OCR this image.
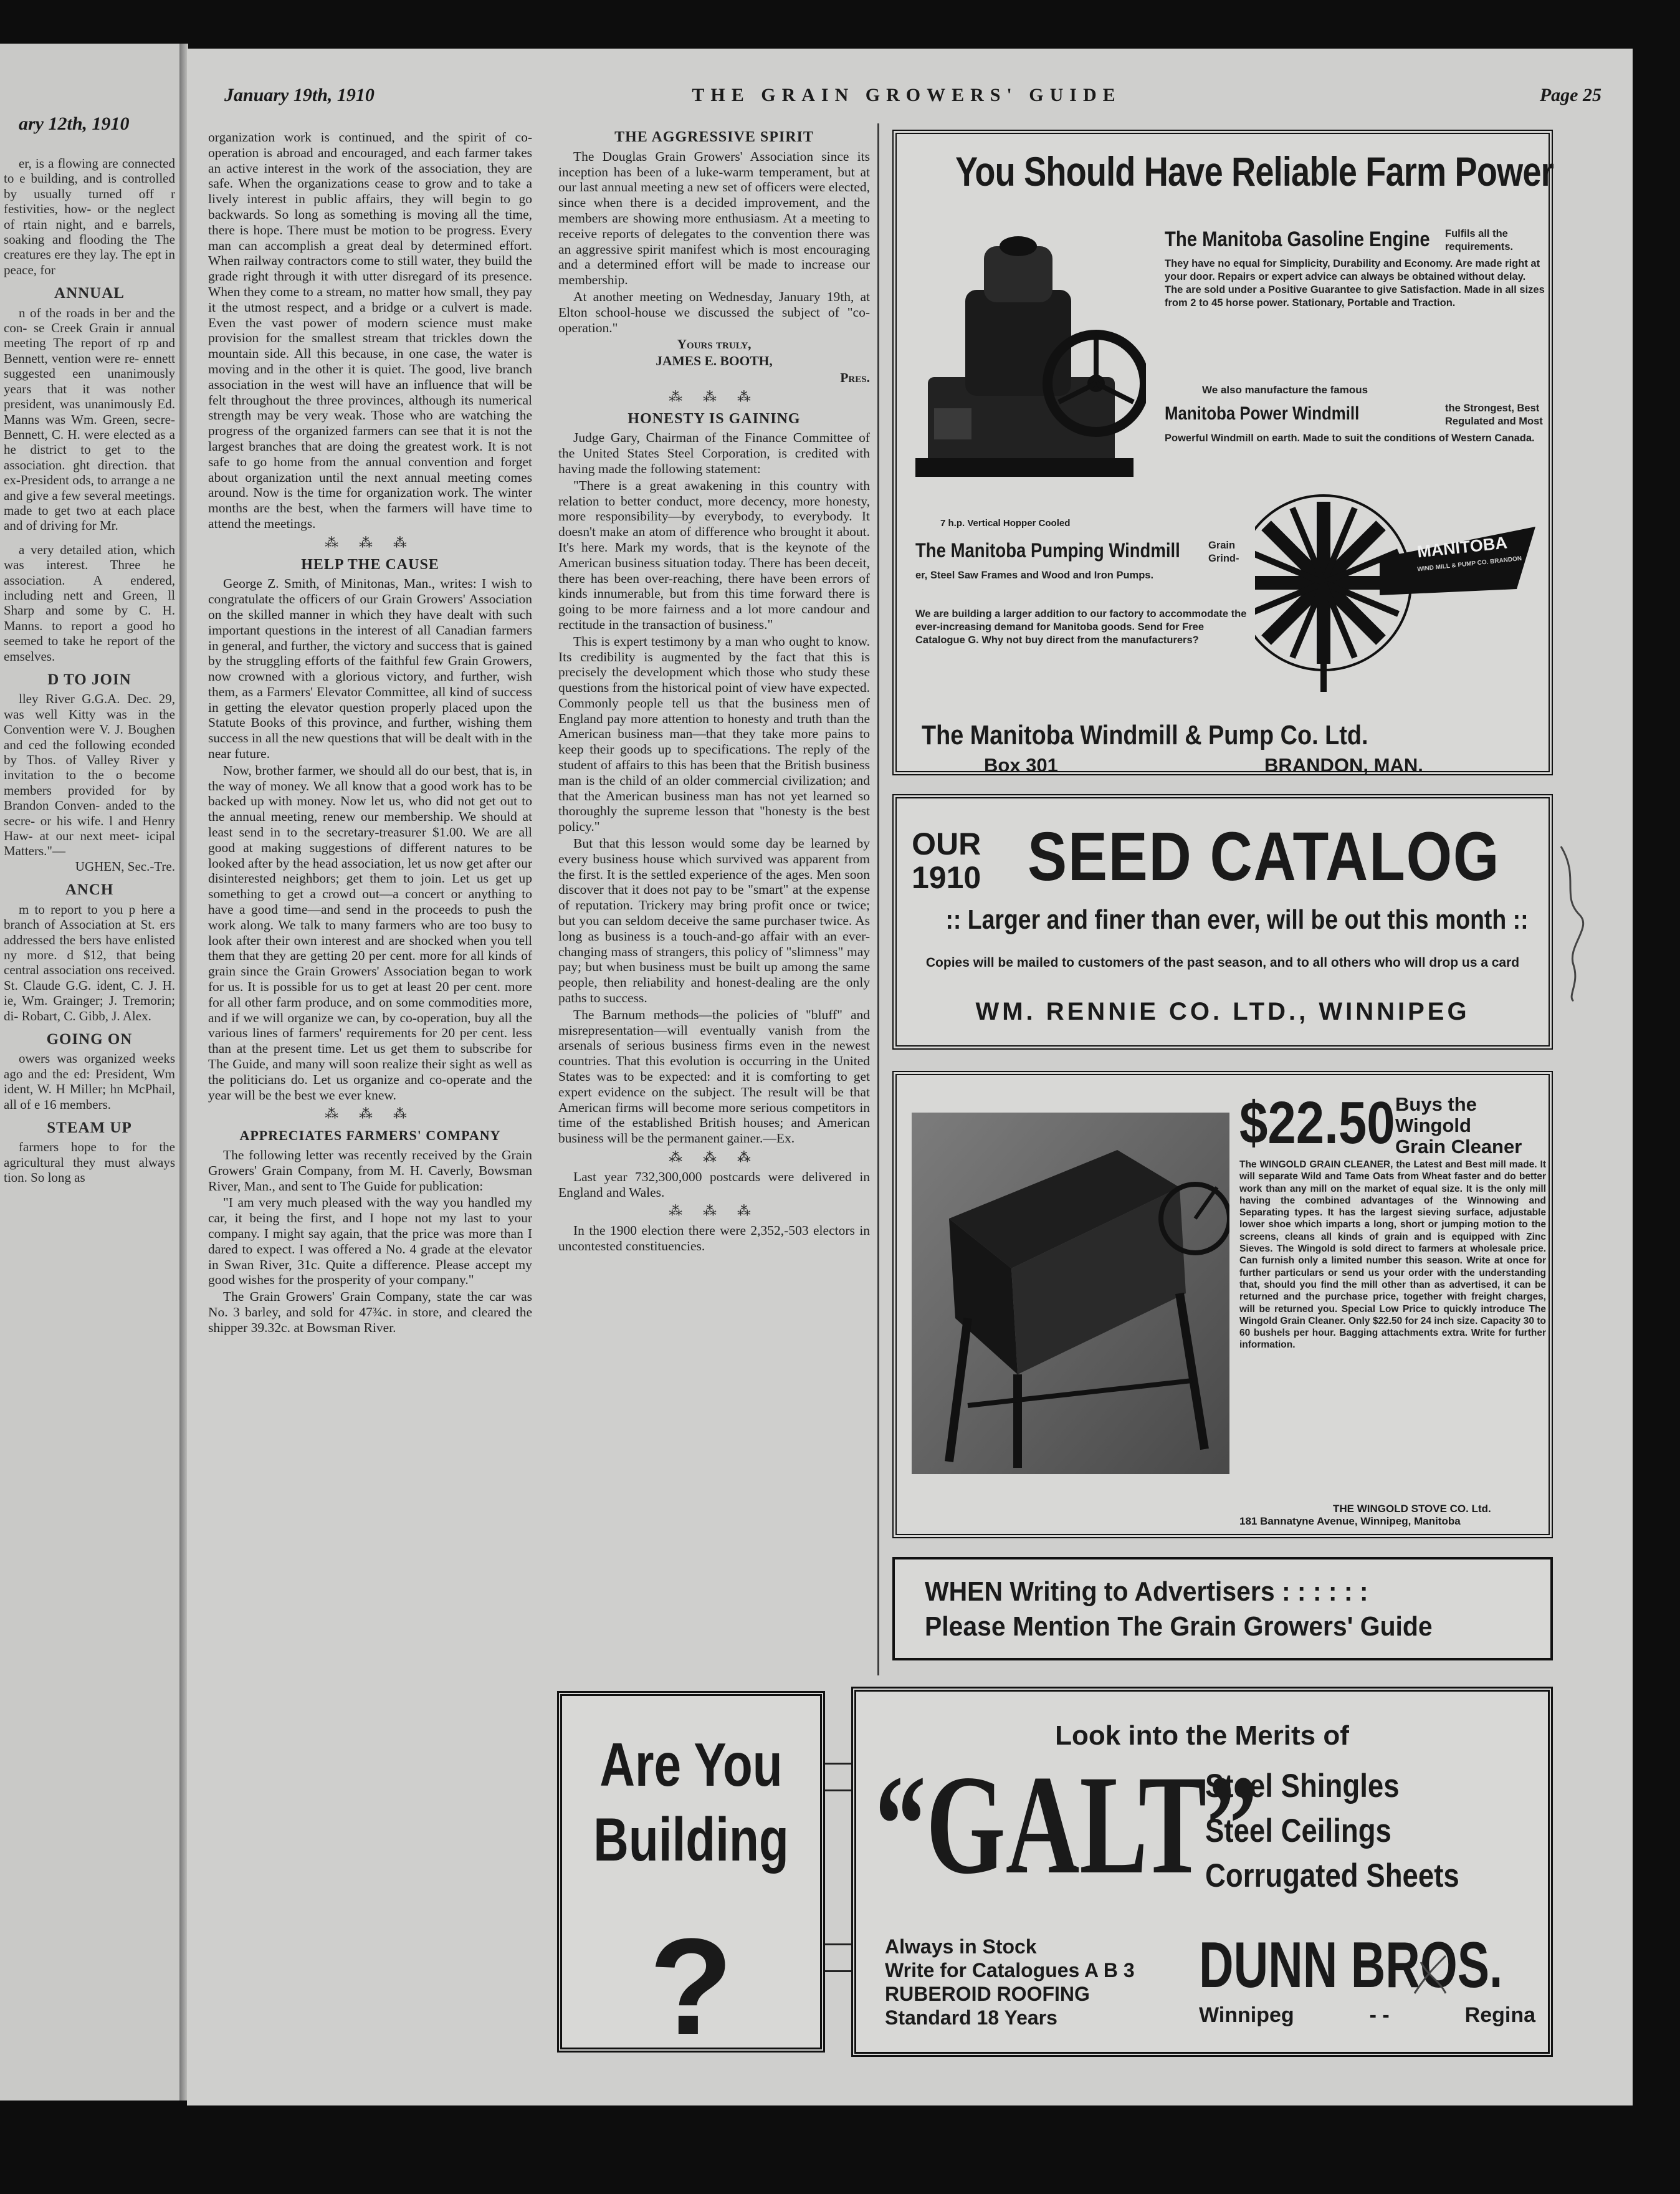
ary 12th, 1910

er, is a flowing are connected to e building, and is controlled by usually turned off r festivities, how- or the neglect of rtain night, and e barrels, soaking and flooding the The creatures ere they lay. The ept in peace, for

ANNUAL

n of the roads in ber and the con- se Creek Grain ir annual meeting The report of rp and Bennett, vention were re- ennett suggested een unanimously years that it was nother president, was unanimously Ed. Manns was Wm. Green, secre- Bennett, C. H. were elected as a he district to get to the association. ght direction. that ex-President ods, to arrange a ne and give a few several meetings. made to get two at each place and of driving for Mr.

a very detailed ation, which was interest. Three he association. A endered, including nett and Green, ll Sharp and some by C. H. Manns. to report a good ho seemed to take he report of the emselves.

D TO JOIN

lley River G.G.A. Dec. 29, was well Kitty was in the Convention were V. J. Boughen and ced the following econded by Thos. of Valley River y invitation to the o become members provided for by Brandon Conven- anded to the secre- or his wife. l and Henry Haw- at our next meet- icipal Matters."—

UGHEN, Sec.-Tre.

ANCH

m to report to you p here a branch of Association at St. ers addressed the bers have enlisted ny more. d $12, that being central association ons received. St. Claude G.G. ident, C. J. H. ie, Wm. Grainger; J. Tremorin; di- Robart, C. Gibb, J. Alex.

GOING ON

owers was organized weeks ago and the ed: President, Wm ident, W. H Miller; hn McPhail, all of e 16 members.

STEAM UP

farmers hope to for the agricultural they must always tion. So long as

January 19th, 1910	THE GRAIN GROWERS' GUIDE	Page 25

organization work is continued, and the spirit of co-operation is abroad and encouraged, and each farmer takes an active interest in the work of the association, they are safe. When the organizations cease to grow and to take a lively interest in public affairs, they will begin to go backwards. So long as something is moving all the time, there is hope. There must be motion to be progress. Every man can accomplish a great deal by determined effort. When railway contractors come to still water, they build the grade right through it with utter disregard of its presence. When they come to a stream, no matter how small, they pay it the utmost respect, and a bridge or a culvert is made. Even the vast power of modern science must make provision for the smallest stream that trickles down the mountain side. All this because, in one case, the water is moving and in the other it is quiet. The good, live branch association in the west will have an influence that will be felt throughout the three provinces, although its numerical strength may be very weak. Those who are watching the progress of the organized farmers can see that it is not the largest branches that are doing the greatest work. It is not safe to go home from the annual convention and forget about organization until the next annual meeting comes around. Now is the time for organization work. The winter months are the best, when the farmers will have time to attend the meetings.

⁂ ⁂ ⁂

HELP THE CAUSE

George Z. Smith, of Minitonas, Man., writes: I wish to congratulate the officers of our Grain Growers' Association on the skilled manner in which they have dealt with such important questions in the interest of all Canadian farmers in general, and further, the victory and success that is gained by the struggling efforts of the faithful few Grain Growers, now crowned with a glorious victory, and further, wish them, as a Farmers' Elevator Committee, all kind of success in getting the elevator question properly placed upon the Statute Books of this province, and further, wishing them success in all the new questions that will be dealt with in the near future.

Now, brother farmer, we should all do our best, that is, in the way of money. We all know that a good work has to be backed up with money. Now let us, who did not get out to the annual meeting, renew our membership. We should at least send in to the secretary-treasurer $1.00. We are all good at making suggestions of different natures to be looked after by the head association, let us now get after our disinterested neighbors; get them to join. Let us get up something to get a crowd out—a concert or anything to have a good time—and send in the proceeds to push the work along. We talk to many farmers who are too busy to look after their own interest and are shocked when you tell them that they are getting 20 per cent. more for all kinds of grain since the Grain Growers' Association began to work for us. It is possible for us to get at least 20 per cent. more for all other farm produce, and on some commodities more, and if we will organize we can, by co-operation, buy all the various lines of farmers' requirements for 20 per cent. less than at the present time. Let us get them to subscribe for The Guide, and many will soon realize their sight as well as the politicians do. Let us organize and co-operate and the year will be the best we ever knew.

⁂ ⁂ ⁂

APPRECIATES FARMERS' COMPANY

The following letter was recently received by the Grain Growers' Grain Company, from M. H. Caverly, Bowsman River, Man., and sent to The Guide for publication:

"I am very much pleased with the way you handled my car, it being the first, and I hope not my last to your company. I might say again, that the price was more than I dared to expect. I was offered a No. 4 grade at the elevator in Swan River, 31c. Quite a difference. Please accept my good wishes for the prosperity of your company."

The Grain Growers' Grain Company, state the car was No. 3 barley, and sold for 47¾c. in store, and cleared the shipper 39.32c. at Bowsman River.

THE AGGRESSIVE SPIRIT

The Douglas Grain Growers' Association since its inception has been of a luke-warm temperament, but at our last annual meeting a new set of officers were elected, since when there is a decided improvement, and the members are showing more enthusiasm. At a meeting to receive reports of delegates to the convention there was an aggressive spirit manifest which is most encouraging and a determined effort will be made to increase our membership.

At another meeting on Wednesday, January 19th, at Elton school-house we discussed the subject of "co-operation."

Yours truly,

JAMES E. BOOTH,

Pres.

⁂ ⁂ ⁂

HONESTY IS GAINING

Judge Gary, Chairman of the Finance Committee of the United States Steel Corporation, is credited with having made the following statement:

"There is a great awakening in this country with relation to better conduct, more decency, more honesty, more responsibility—by everybody, to everybody. It doesn't make an atom of difference who brought it about. It's here. Mark my words, that is the keynote of the American business situation today. There has been deceit, there has been over-reaching, there have been errors of kinds innumerable, but from this time forward there is going to be more fairness and a lot more candour and rectitude in the transaction of business."

This is expert testimony by a man who ought to know. Its credibility is augmented by the fact that this is precisely the development which those who study these questions from the historical point of view have expected. Commonly people tell us that the business men of England pay more attention to honesty and truth than the American business man—that they take more pains to keep their goods up to specifications. The reply of the student of affairs to this has been that the British business man is the child of an older commercial civilization; and that the American business man has not yet learned so thoroughly the supreme lesson that "honesty is the best policy."

But that this lesson would some day be learned by every business house which survived was apparent from the first. It is the settled experience of the ages. Men soon discover that it does not pay to be "smart" at the expense of reputation. Trickery may bring profit once or twice; but you can seldom deceive the same purchaser twice. As long as business is a touch-and-go affair with an ever-changing mass of strangers, this policy of "slimness" may pay; but when business must be built up among the same people, then reliability and honest-dealing are the only paths to success.

The Barnum methods—the policies of "bluff" and misrepresentation—will eventually vanish from the arsenals of serious business firms even in the newest countries. That this evolution is occurring in the United States was to be expected: and it is comforting to get expert evidence on the subject. The result will be that American firms will become more serious competitors in time of the established British houses; and American business will be the permanent gainer.—Ex.

⁂ ⁂ ⁂

Last year 732,300,000 postcards were delivered in England and Wales.

⁂ ⁂ ⁂

In the 1900 election there were 2,352,-503 electors in uncontested constituencies.

You Should Have Reliable Farm Power
The Manitoba Gasoline Engine Fulfils all the requirements.
They have no equal for Simplicity, Durability and Economy. Are made right at your door. Repairs or expert advice can always be obtained without delay. The are sold under a Positive Guarantee to give Satisfaction. Made in all sizes from 2 to 45 horse power. Stationary, Portable and Traction.
We also manufacture the famous
Manitoba Power Windmill	the Strongest, Best Regulated and Most
Powerful Windmill on earth. Made to suit the conditions of Western Canada.
7 h.p. Vertical Hopper Cooled
The Manitoba Pumping Windmill	Grain Grind-
er, Steel Saw Frames and Wood and Iron Pumps.
We are building a larger addition to our factory to accommodate the ever-increasing demand for Manitoba goods. Send for Free Catalogue G. Why not buy direct from the manufacturers?
MANITOBA
WIND MILL & PUMP CO. BRANDON
The Manitoba Windmill & Pump Co. Ltd.
Box 301	BRANDON, MAN.
OUR
1910 SEED CATALOG
:: Larger and finer than ever, will be out this month ::
Copies will be mailed to customers of the past season, and to all others who will drop us a card
WM. RENNIE CO. LTD., WINNIPEG
$22.50 Buys the Wingold
Grain Cleaner
The WINGOLD GRAIN CLEANER, the Latest and Best mill made. It will separate Wild and Tame Oats from Wheat faster and do better work than any mill on the market of equal size. It is the only mill having the combined advantages of the Winnowing and Separating types. It has the largest sieving surface, adjustable lower shoe which imparts a long, short or jumping motion to the screens, cleans all kinds of grain and is equipped with Zinc Sieves. The Wingold is sold direct to farmers at wholesale price. Can furnish only a limited number this season. Write at once for further particulars or send us your order with the understanding that, should you find the mill other than as advertised, it can be returned and the purchase price, together with freight charges, will be returned you. Special Low Price to quickly introduce The Wingold Grain Cleaner. Only $22.50 for 24 inch size. Capacity 30 to 60 bushels per hour. Bagging attachments extra. Write for further information.
THE WINGOLD STOVE CO. Ltd.
181 Bannatyne Avenue, Winnipeg, Manitoba
WHEN Writing to Advertisers : : : : : :
Please Mention The Grain Growers' Guide
Are You
Building
?
Look into the Merits of
“GALT”
Steel Shingles
Steel Ceilings
Corrugated Sheets
Always in Stock
Write for Catalogues A B 3
RUBEROID ROOFING
Standard 18 Years
DUNN BROS.
Winnipeg	- -	Regina
